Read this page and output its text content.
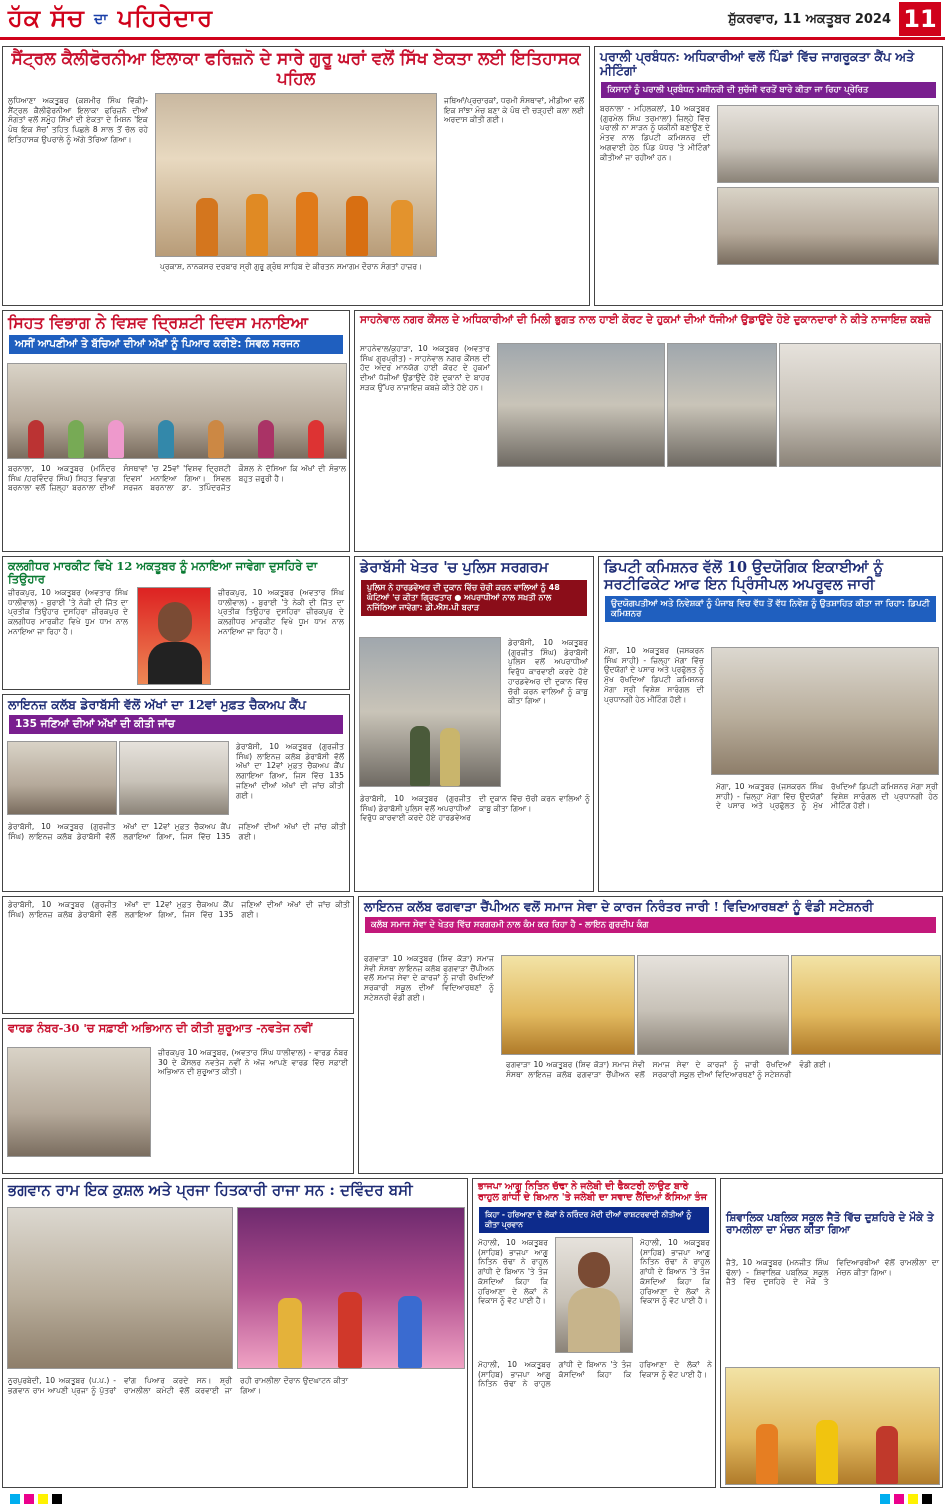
ਹੱਕ ਸੱਚ ਦਾ ਪਹਿਰੇਦਾਰ	ਸ਼ੁੱਕਰਵਾਰ, 11 ਅਕਤੂਬਰ 2024 11
ਸੈਂਟ੍ਰਲ ਕੈਲੀਫੋਰਨੀਆ ਇਲਾਕਾ ਫਰਿਜ਼ਨੋ ਦੇ ਸਾਰੇ ਗੁਰੂ ਘਰਾਂ ਵਲੋਂ ਸਿੱਖ ਏਕਤਾ ਲਈ ਇਤਿਹਾਸਕ ਪਹਿਲ
ਲੁਧਿਆਣਾ ਅਕਤੂਬਰ (ਕਸ਼ਮੀਰ ਸਿੰਘ ਵਿੱਕੀ)- ਸੈਂਟ੍ਰਲ ਕੈਲੀਫੋਰਨੀਆ ਇਲਾਕਾ ਫਰਿਜ਼ਨੋ ਦੀਆਂ ਸੰਗਤਾਂ ਵਲੋਂ ਸਮੂੰਹ ਸਿੱਖਾਂ ਦੀ ਏਕਤਾ ਦੇ ਮਿਸ਼ਨ 'ਇਕ ਪੰਥ ਇਕ ਸੋਚ' ਤਹਿਤ ਪਿਛਲੇ 8 ਸਾਲ ਤੋਂ ਚੱਲ ਰਹੇ ਇਤਿਹਾਸਕ ਉਪਰਾਲੇ ਨੂੰ ਅੱਗੇ ਤੋਰਿਆ ਗਿਆ।
ਪ੍ਰਕਾਸ਼, ਨਾਨਕਸਰ ਦਰਬਾਰ ਸ੍ਰੀ ਗੁਰੂ ਗ੍ਰੰਥ ਸਾਹਿਬ ਦੇ ਕੀਰਤਨ ਸਮਾਗਮ ਦੌਰਾਨ ਸੰਗਤਾਂ ਹਾਜ਼ਰ।
ਜਥਿਆਂ/ਪ੍ਰਚਾਰਕਾਂ, ਧਰਮੀ ਸੰਸਥਾਵਾਂ, ਮੀਡੀਆ ਵਲੋਂ ਇਕ ਸਾਂਝਾ ਮੰਚ ਬਣਾ ਕੇ ਪੰਥ ਦੀ ਚੜ੍ਹਦੀ ਕਲਾ ਲਈ ਅਰਦਾਸ ਕੀਤੀ ਗਈ।
ਪਰਾਲੀ ਪ੍ਰਬੰਧਨ: ਅਧਿਕਾਰੀਆਂ ਵਲੋਂ ਪਿੰਡਾਂ ਵਿੱਚ ਜਾਗਰੂਕਤਾ ਕੈਂਪ ਅਤੇ ਮੀਟਿੰਗਾਂ
ਕਿਸਾਨਾਂ ਨੂੰ ਪਰਾਲੀ ਪ੍ਰਬੰਧਨ ਮਸ਼ੀਨਰੀ ਦੀ ਸੁਚੱਜੀ ਵਰਤੋਂ ਬਾਰੇ ਕੀਤਾ ਜਾ ਰਿਹਾ ਪ੍ਰੇਰਿਤ
ਬਰਨਾਲਾ - ਮਹਿਲਕਲਾਂ, 10 ਅਕਤੂਬਰ (ਗੁਰਮੇਲ ਸਿੰਘ ਤਰਮਾਲਾ) ਜ਼ਿਲ੍ਹੇ ਵਿੱਚ ਪਰਾਲੀ ਨਾ ਸਾੜਨ ਨੂੰ ਯਕੀਨੀ ਬਣਾਉਣ ਦੇ ਮੰਤਵ ਨਾਲ ਡਿਪਟੀ ਕਮਿਸ਼ਨਰ ਦੀ ਅਗਵਾਈ ਹੇਠ ਪਿੰਡ ਪੱਧਰ 'ਤੇ ਮੀਟਿੰਗਾਂ ਕੀਤੀਆਂ ਜਾ ਰਹੀਆਂ ਹਨ।
ਸਿਹਤ ਵਿਭਾਗ ਨੇ ਵਿਸ਼ਵ ਦ੍ਰਿਸ਼ਟੀ ਦਿਵਸ ਮਨਾਇਆ
ਅਸੀਂ ਆਪਣੀਆਂ ਤੇ ਬੱਚਿਆਂ ਦੀਆਂ ਅੱਖਾਂ ਨੂੰ ਪਿਆਰ ਕਰੀਏ: ਸਿਵਲ ਸਰਜਨ
ਬਰਨਾਲਾ, 10 ਅਕਤੂਬਰ (ਮਨਿੰਦਰ ਸਿੰਘ /ਹਰਵਿੰਦਰ ਸਿੰਘ) ਸਿਹਤ ਵਿਭਾਗ ਬਰਨਾਲਾ ਵਲੋਂ ਜ਼ਿਲ੍ਹਾ ਬਰਨਾਲਾ ਦੀਆਂ ਸੰਸਥਾਵਾਂ 'ਚ 25ਵਾਂ 'ਵਿਸ਼ਵ ਦ੍ਰਿਸ਼ਟੀ ਦਿਵਸ' ਮਨਾਇਆ ਗਿਆ। ਸਿਵਲ ਸਰਜਨ ਬਰਨਾਲਾ ਡਾ. ਤਪਿੰਦਰਜੋਤ ਕੌਸ਼ਲ ਨੇ ਦੱਸਿਆ ਕਿ ਅੱਖਾਂ ਦੀ ਸੰਭਾਲ ਬਹੁਤ ਜ਼ਰੂਰੀ ਹੈ।
ਸਾਹਨੇਵਾਲ ਨਗਰ ਕੌਂਸਲ ਦੇ ਅਧਿਕਾਰੀਆਂ ਦੀ ਮਿਲੀ ਭੁਗਤ ਨਾਲ ਹਾਈ ਕੋਰਟ ਦੇ ਹੁਕਮਾਂ ਦੀਆਂ ਧੱਜੀਆਂ ਉਡਾਉਂਦੇ ਹੋਏ ਦੁਕਾਨਦਾਰਾਂ ਨੇ ਕੀਤੇ ਨਾਜਾਇਜ਼ ਕਬਜ਼ੇ
ਸਾਹਨੇਵਾਲ/ਕੁਹਾੜਾ, 10 ਅਕਤੂਬਰ (ਅਵਤਾਰ ਸਿੰਘ ਗੁਰਪ੍ਰੀਤ) - ਸਾਹਨੇਵਾਲ ਨਗਰ ਕੌਂਸਲ ਦੀ ਹੱਦ ਅੰਦਰ ਮਾਨਯੋਗ ਹਾਈ ਕੋਰਟ ਦੇ ਹੁਕਮਾਂ ਦੀਆਂ ਧੱਜੀਆਂ ਉਡਾਉਂਦੇ ਹੋਏ ਦੁਕਾਨਾਂ ਦੇ ਬਾਹਰ ਸੜਕ ਉੱਪਰ ਨਾਜਾਇਜ਼ ਕਬਜ਼ੇ ਕੀਤੇ ਹੋਏ ਹਨ।
ਕਲਗੀਧਰ ਮਾਰਕੀਟ ਵਿਖੇ 12 ਅਕਤੂਬਰ ਨੂੰ ਮਨਾਇਆ ਜਾਵੇਗਾ ਦੁਸਹਿਰੇ ਦਾ ਤਿਉਹਾਰ
ਜ਼ੀਰਕਪੁਰ, 10 ਅਕਤੂਬਰ (ਅਵਤਾਰ ਸਿੰਘ ਧਾਲੀਵਾਲ) - ਬੁਰਾਈ 'ਤੇ ਨੇਕੀ ਦੀ ਜਿੱਤ ਦਾ ਪ੍ਰਤੀਕ ਤਿਉਹਾਰ ਦੁਸਹਿਰਾ ਜ਼ੀਰਕਪੁਰ ਦੇ ਕਲਗੀਧਰ ਮਾਰਕੀਟ ਵਿਖੇ ਧੂਮ ਧਾਮ ਨਾਲ ਮਨਾਇਆ ਜਾ ਰਿਹਾ ਹੈ।
ਜ਼ੀਰਕਪੁਰ, 10 ਅਕਤੂਬਰ (ਅਵਤਾਰ ਸਿੰਘ ਧਾਲੀਵਾਲ) - ਬੁਰਾਈ 'ਤੇ ਨੇਕੀ ਦੀ ਜਿੱਤ ਦਾ ਪ੍ਰਤੀਕ ਤਿਉਹਾਰ ਦੁਸਹਿਰਾ ਜ਼ੀਰਕਪੁਰ ਦੇ ਕਲਗੀਧਰ ਮਾਰਕੀਟ ਵਿਖੇ ਧੂਮ ਧਾਮ ਨਾਲ ਮਨਾਇਆ ਜਾ ਰਿਹਾ ਹੈ।
ਡੇਰਾਬੱਸੀ ਖੇਤਰ 'ਚ ਪੁਲਿਸ ਸਰਗਰਮ
ਪੁਲਿਸ ਨੇ ਹਾਰਡਵੇਅਰ ਦੀ ਦੁਕਾਨ ਵਿੱਚ ਚੋਰੀ ਕਰਨ ਵਾਲਿਆਂ ਨੂੰ 48 ਘੰਟਿਆਂ 'ਚ ਕੀਤਾ ਗ੍ਰਿਫਤਾਰ ● ਅਪਰਾਧੀਆਂ ਨਾਲ ਸਖ਼ਤੀ ਨਾਲ ਨਜਿੱਠਿਆ ਜਾਵੇਗਾ: ਡੀ.ਐਸ.ਪੀ ਬਰਾੜ
ਡੇਰਾਬੱਸੀ, 10 ਅਕਤੂਬਰ (ਗੁਰਜੀਤ ਸਿੰਘ) ਡੇਰਾਬੱਸੀ ਪੁਲਿਸ ਵਲੋਂ ਅਪਰਾਧੀਆਂ ਵਿਰੁੱਧ ਕਾਰਵਾਈ ਕਰਦੇ ਹੋਏ ਹਾਰਡਵੇਅਰ ਦੀ ਦੁਕਾਨ ਵਿੱਚ ਚੋਰੀ ਕਰਨ ਵਾਲਿਆਂ ਨੂੰ ਕਾਬੂ ਕੀਤਾ ਗਿਆ।
ਡੇਰਾਬੱਸੀ, 10 ਅਕਤੂਬਰ (ਗੁਰਜੀਤ ਸਿੰਘ) ਡੇਰਾਬੱਸੀ ਪੁਲਿਸ ਵਲੋਂ ਅਪਰਾਧੀਆਂ ਵਿਰੁੱਧ ਕਾਰਵਾਈ ਕਰਦੇ ਹੋਏ ਹਾਰਡਵੇਅਰ ਦੀ ਦੁਕਾਨ ਵਿੱਚ ਚੋਰੀ ਕਰਨ ਵਾਲਿਆਂ ਨੂੰ ਕਾਬੂ ਕੀਤਾ ਗਿਆ।
ਡਿਪਟੀ ਕਮਿਸ਼ਨਰ ਵੱਲੋਂ 10 ਉਦਯੋਗਿਕ ਇਕਾਈਆਂ ਨੂੰ ਸਰਟੀਫਿਕੇਟ ਆਫ ਇਨ ਪ੍ਰਿੰਸੀਪਲ ਅਪਰੂਵਲ ਜਾਰੀ
ਉਦਯੋਗਪਤੀਆਂ ਅਤੇ ਨਿਵੇਸ਼ਕਾਂ ਨੂੰ ਪੰਜਾਬ ਵਿਚ ਵੱਧ ਤੋਂ ਵੱਧ ਨਿਵੇਸ਼ ਨੂੰ ਉਤਸ਼ਾਹਿਤ ਕੀਤਾ ਜਾ ਰਿਹਾ: ਡਿਪਟੀ ਕਮਿਸ਼ਨਰ
ਮੋਗਾ, 10 ਅਕਤੂਬਰ (ਜਸਕਰਨ ਸਿੰਘ ਸਾਹੀ) - ਜ਼ਿਲ੍ਹਾ ਮੋਗਾ ਵਿੱਚ ਉਦਯੋਗਾਂ ਦੇ ਪਸਾਰ ਅਤੇ ਪ੍ਰਫੁੱਲਤ ਨੂੰ ਮੁੱਖ ਰੱਖਦਿਆਂ ਡਿਪਟੀ ਕਮਿਸ਼ਨਰ ਮੋਗਾ ਸ੍ਰੀ ਵਿਸ਼ੇਸ਼ ਸਾਰੰਗਲ ਦੀ ਪ੍ਰਧਾਨਗੀ ਹੇਠ ਮੀਟਿੰਗ ਹੋਈ।
ਮੋਗਾ, 10 ਅਕਤੂਬਰ (ਜਸਕਰਨ ਸਿੰਘ ਸਾਹੀ) - ਜ਼ਿਲ੍ਹਾ ਮੋਗਾ ਵਿੱਚ ਉਦਯੋਗਾਂ ਦੇ ਪਸਾਰ ਅਤੇ ਪ੍ਰਫੁੱਲਤ ਨੂੰ ਮੁੱਖ ਰੱਖਦਿਆਂ ਡਿਪਟੀ ਕਮਿਸ਼ਨਰ ਮੋਗਾ ਸ੍ਰੀ ਵਿਸ਼ੇਸ਼ ਸਾਰੰਗਲ ਦੀ ਪ੍ਰਧਾਨਗੀ ਹੇਠ ਮੀਟਿੰਗ ਹੋਈ।
ਲਾਇਨਜ਼ ਕਲੱਬ ਡੇਰਾਬੱਸੀ ਵੱਲੋਂ ਅੱਖਾਂ ਦਾ 12ਵਾਂ ਮੁਫ਼ਤ ਚੈਕਅਪ ਕੈਂਪ
135 ਜਣਿਆਂ ਦੀਆਂ ਅੱਖਾਂ ਦੀ ਕੀਤੀ ਜਾਂਚ
ਡੇਰਾਬੱਸੀ, 10 ਅਕਤੂਬਰ (ਗੁਰਜੀਤ ਸਿੰਘ) ਲਾਇਨਜ਼ ਕਲੱਬ ਡੇਰਾਬੱਸੀ ਵੱਲੋਂ ਅੱਖਾਂ ਦਾ 12ਵਾਂ ਮੁਫ਼ਤ ਚੈਕਅਪ ਕੈਂਪ ਲਗਾਇਆ ਗਿਆ, ਜਿਸ ਵਿੱਚ 135 ਜਣਿਆਂ ਦੀਆਂ ਅੱਖਾਂ ਦੀ ਜਾਂਚ ਕੀਤੀ ਗਈ।
ਡੇਰਾਬੱਸੀ, 10 ਅਕਤੂਬਰ (ਗੁਰਜੀਤ ਸਿੰਘ) ਲਾਇਨਜ਼ ਕਲੱਬ ਡੇਰਾਬੱਸੀ ਵੱਲੋਂ ਅੱਖਾਂ ਦਾ 12ਵਾਂ ਮੁਫ਼ਤ ਚੈਕਅਪ ਕੈਂਪ ਲਗਾਇਆ ਗਿਆ, ਜਿਸ ਵਿੱਚ 135 ਜਣਿਆਂ ਦੀਆਂ ਅੱਖਾਂ ਦੀ ਜਾਂਚ ਕੀਤੀ ਗਈ।
ਲਾਇਨਜ਼ ਕਲੱਬ ਫਗਵਾੜਾ ਚੈਂਪੀਅਨ ਵਲੋਂ ਸਮਾਜ ਸੇਵਾ ਦੇ ਕਾਰਜ ਨਿਰੰਤਰ ਜਾਰੀ ! ਵਿਦਿਆਰਥਣਾਂ ਨੂੰ ਵੰਡੀ ਸਟੇਸ਼ਨਰੀ
ਕਲੱਬ ਸਮਾਜ ਸੇਵਾ ਦੇ ਖੇਤਰ ਵਿੱਚ ਸਰਗਰਮੀ ਨਾਲ ਕੰਮ ਕਰ ਰਿਹਾ ਹੈ - ਲਾਇਨ ਗੁਰਦੀਪ ਕੰਗ
ਫਗਵਾੜਾ 10 ਅਕਤੂਬਰ (ਸ਼ਿਵ ਕੋੜਾ) ਸਮਾਜ ਸੇਵੀ ਸੰਸਥਾ ਲਾਇਨਜ਼ ਕਲੱਬ ਫਗਵਾੜਾ ਚੈਂਪੀਅਨ ਵਲੋਂ ਸਮਾਜ ਸੇਵਾ ਦੇ ਕਾਰਜਾਂ ਨੂੰ ਜਾਰੀ ਰੱਖਦਿਆਂ ਸਰਕਾਰੀ ਸਕੂਲ ਦੀਆਂ ਵਿਦਿਆਰਥਣਾਂ ਨੂੰ ਸਟੇਸ਼ਨਰੀ ਵੰਡੀ ਗਈ।
ਫਗਵਾੜਾ 10 ਅਕਤੂਬਰ (ਸ਼ਿਵ ਕੋੜਾ) ਸਮਾਜ ਸੇਵੀ ਸੰਸਥਾ ਲਾਇਨਜ਼ ਕਲੱਬ ਫਗਵਾੜਾ ਚੈਂਪੀਅਨ ਵਲੋਂ ਸਮਾਜ ਸੇਵਾ ਦੇ ਕਾਰਜਾਂ ਨੂੰ ਜਾਰੀ ਰੱਖਦਿਆਂ ਸਰਕਾਰੀ ਸਕੂਲ ਦੀਆਂ ਵਿਦਿਆਰਥਣਾਂ ਨੂੰ ਸਟੇਸ਼ਨਰੀ ਵੰਡੀ ਗਈ।
ਵਾਰਡ ਨੰਬਰ-30 'ਚ ਸਫ਼ਾਈ ਅਭਿਆਨ ਦੀ ਕੀਤੀ ਸ਼ੁਰੂਆਤ -ਨਵਤੇਜ ਨਵੀਂ
ਜ਼ੀਰਕਪੁਰ 10 ਅਕਤੂਬਰ, (ਅਵਤਾਰ ਸਿੰਘ ਧਾਲੀਵਾਲ) - ਵਾਰਡ ਨੰਬਰ 30 ਦੇ ਕੌਂਸਲਰ ਨਵਤੇਜ ਨਵੀਂ ਨੇ ਅੱਜ ਆਪਣੇ ਵਾਰਡ ਵਿੱਚ ਸਫ਼ਾਈ ਅਭਿਆਨ ਦੀ ਸ਼ੁਰੂਆਤ ਕੀਤੀ।
ਡੇਰਾਬੱਸੀ, 10 ਅਕਤੂਬਰ (ਗੁਰਜੀਤ ਸਿੰਘ) ਲਾਇਨਜ਼ ਕਲੱਬ ਡੇਰਾਬੱਸੀ ਵੱਲੋਂ ਅੱਖਾਂ ਦਾ 12ਵਾਂ ਮੁਫ਼ਤ ਚੈਕਅਪ ਕੈਂਪ ਲਗਾਇਆ ਗਿਆ, ਜਿਸ ਵਿੱਚ 135 ਜਣਿਆਂ ਦੀਆਂ ਅੱਖਾਂ ਦੀ ਜਾਂਚ ਕੀਤੀ ਗਈ।
ਭਗਵਾਨ ਰਾਮ ਇਕ ਕੁਸ਼ਲ ਅਤੇ ਪ੍ਰਜਾ ਹਿਤਕਾਰੀ ਰਾਜਾ ਸਨ : ਦਵਿੰਦਰ ਬਸੀ
ਨੂਰਪੁਰਬੇਦੀ, 10 ਅਕਤੂਬਰ (ਪ.ਪ.) - ਭਗਵਾਨ ਰਾਮ ਆਪਣੀ ਪ੍ਰਜਾ ਨੂੰ ਪੁੱਤਰਾਂ ਵਾਂਗ ਪਿਆਰ ਕਰਦੇ ਸਨ। ਸ਼੍ਰੀ ਰਾਮਲੀਲਾ ਕਮੇਟੀ ਵੱਲੋਂ ਕਰਵਾਈ ਜਾ ਰਹੀ ਰਾਮਲੀਲਾ ਦੌਰਾਨ ਉਦਘਾਟਨ ਕੀਤਾ ਗਿਆ।
ਭਾਜਪਾ ਆਗੂ ਨਿਤਿਨ ਚੱਢਾ ਨੇ ਜਲੇਬੀ ਦੀ ਫੈਕਟਰੀ ਲਾਉਣ ਬਾਰੇ ਰਾਹੁਲ ਗਾਂਧੀ ਦੇ ਬਿਆਨ 'ਤੇ ਜਲੇਬੀ ਦਾ ਸਵਾਦ ਲੈਂਦਿਆਂ ਕੱਸਿਆ ਤੰਜ
ਕਿਹਾ - ਹਰਿਆਣਾ ਦੇ ਲੋਕਾਂ ਨੇ ਨਰਿੰਦਰ ਮੋਦੀ ਦੀਆਂ ਰਾਸ਼ਟਰਵਾਦੀ ਨੀਤੀਆਂ ਨੂੰ ਕੀਤਾ ਪ੍ਰਵਾਨ
ਮੋਹਾਲੀ, 10 ਅਕਤੂਬਰ (ਸਾਹਿਬ) ਭਾਜਪਾ ਆਗੂ ਨਿਤਿਨ ਚੱਢਾ ਨੇ ਰਾਹੁਲ ਗਾਂਧੀ ਦੇ ਬਿਆਨ 'ਤੇ ਤੰਜ ਕੱਸਦਿਆਂ ਕਿਹਾ ਕਿ ਹਰਿਆਣਾ ਦੇ ਲੋਕਾਂ ਨੇ ਵਿਕਾਸ ਨੂੰ ਵੋਟ ਪਾਈ ਹੈ।
ਮੋਹਾਲੀ, 10 ਅਕਤੂਬਰ (ਸਾਹਿਬ) ਭਾਜਪਾ ਆਗੂ ਨਿਤਿਨ ਚੱਢਾ ਨੇ ਰਾਹੁਲ ਗਾਂਧੀ ਦੇ ਬਿਆਨ 'ਤੇ ਤੰਜ ਕੱਸਦਿਆਂ ਕਿਹਾ ਕਿ ਹਰਿਆਣਾ ਦੇ ਲੋਕਾਂ ਨੇ ਵਿਕਾਸ ਨੂੰ ਵੋਟ ਪਾਈ ਹੈ।
ਮੋਹਾਲੀ, 10 ਅਕਤੂਬਰ (ਸਾਹਿਬ) ਭਾਜਪਾ ਆਗੂ ਨਿਤਿਨ ਚੱਢਾ ਨੇ ਰਾਹੁਲ ਗਾਂਧੀ ਦੇ ਬਿਆਨ 'ਤੇ ਤੰਜ ਕੱਸਦਿਆਂ ਕਿਹਾ ਕਿ ਹਰਿਆਣਾ ਦੇ ਲੋਕਾਂ ਨੇ ਵਿਕਾਸ ਨੂੰ ਵੋਟ ਪਾਈ ਹੈ।
ਸ਼ਿਵਾਲਿਕ ਪਬਲਿਕ ਸਕੂਲ ਜੈਤੋ ਵਿੱਚ ਦੁਸ਼ਹਿਰੇ ਦੇ ਮੌਕੇ ਤੇ ਰਾਮਲੀਲਾ ਦਾ ਮੰਚਨ ਕੀਤਾ ਗਿਆ
ਜੈਤੋ, 10 ਅਕਤੂਬਰ (ਮਨਜੀਤ ਸਿੰਘ ਢੱਲਾ) - ਸ਼ਿਵਾਲਿਕ ਪਬਲਿਕ ਸਕੂਲ ਜੈਤੋ ਵਿੱਚ ਦੁਸ਼ਹਿਰੇ ਦੇ ਮੌਕੇ ਤੇ ਵਿਦਿਆਰਥੀਆਂ ਵੱਲੋਂ ਰਾਮਲੀਲਾ ਦਾ ਮੰਚਨ ਕੀਤਾ ਗਿਆ।
